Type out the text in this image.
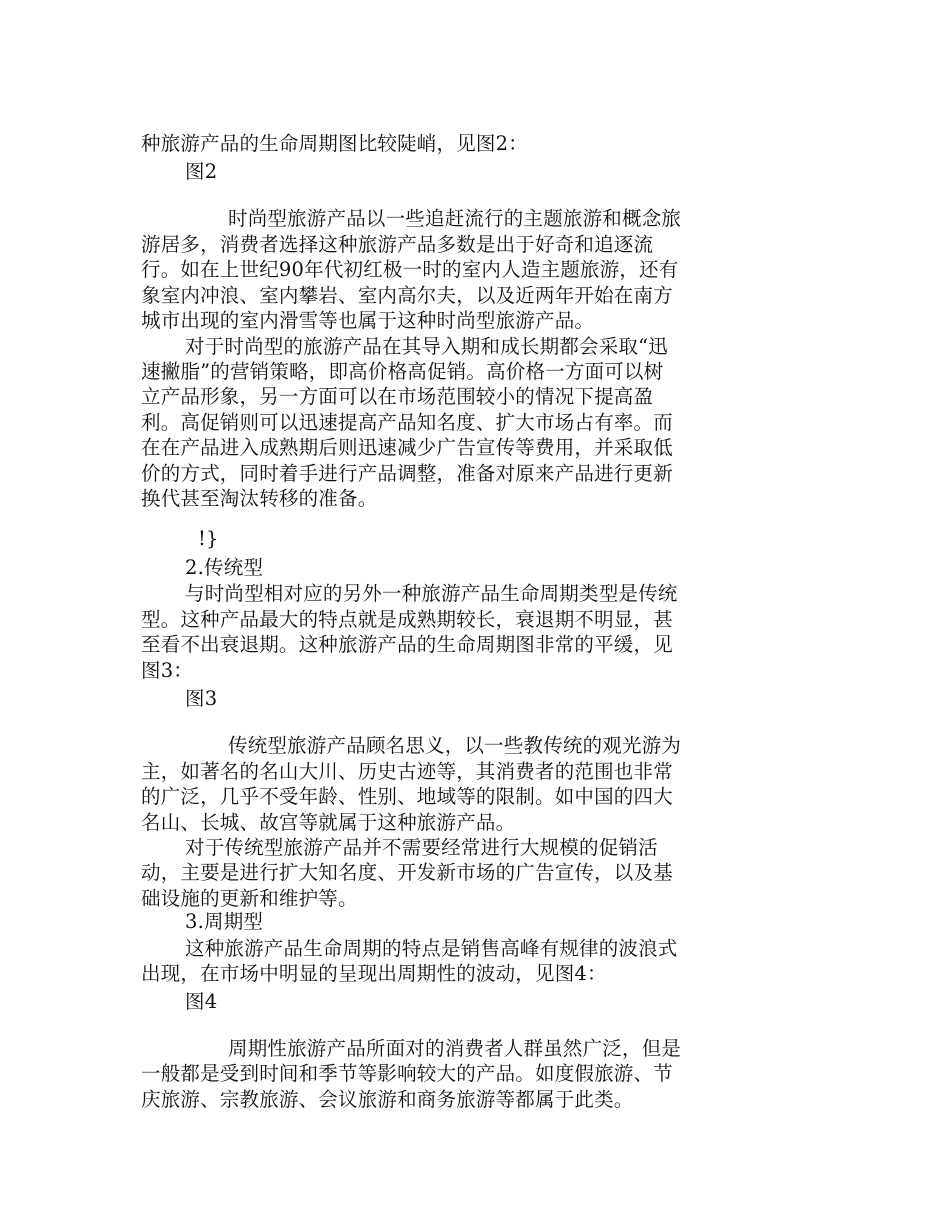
种旅游产品的生命周期图比较陡峭，见图2：
图2
时尚型旅游产品以一些追赶流行的主题旅游和概念旅
游居多，消费者选择这种旅游产品多数是出于好奇和追逐流
行。如在上世纪90年代初红极一时的室内人造主题旅游，还有
象室内冲浪、室内攀岩、室内高尔夫，以及近两年开始在南方
城市出现的室内滑雪等也属于这种时尚型旅游产品。
对于时尚型的旅游产品在其导入期和成长期都会采取“迅
速撇脂”的营销策略，即高价格高促销。高价格一方面可以树
立产品形象，另一方面可以在市场范围较小的情况下提高盈
利。高促销则可以迅速提高产品知名度、扩大市场占有率。而
在在产品进入成熟期后则迅速减少广告宣传等费用，并采取低
价的方式，同时着手进行产品调整，准备对原来产品进行更新
换代甚至淘汰转移的准备。
!}
2.传统型
与时尚型相对应的另外一种旅游产品生命周期类型是传统
型。这种产品最大的特点就是成熟期较长，衰退期不明显，甚
至看不出衰退期。这种旅游产品的生命周期图非常的平缓，见
图3：
图3
传统型旅游产品顾名思义，以一些教传统的观光游为
主，如著名的名山大川、历史古迹等，其消费者的范围也非常
的广泛，几乎不受年龄、性别、地域等的限制。如中国的四大
名山、长城、故宫等就属于这种旅游产品。
对于传统型旅游产品并不需要经常进行大规模的促销活
动，主要是进行扩大知名度、开发新市场的广告宣传，以及基
础设施的更新和维护等。
3.周期型
这种旅游产品生命周期的特点是销售高峰有规律的波浪式
出现，在市场中明显的呈现出周期性的波动，见图4：
图4
周期性旅游产品所面对的消费者人群虽然广泛，但是
一般都是受到时间和季节等影响较大的产品。如度假旅游、节
庆旅游、宗教旅游、会议旅游和商务旅游等都属于此类。
